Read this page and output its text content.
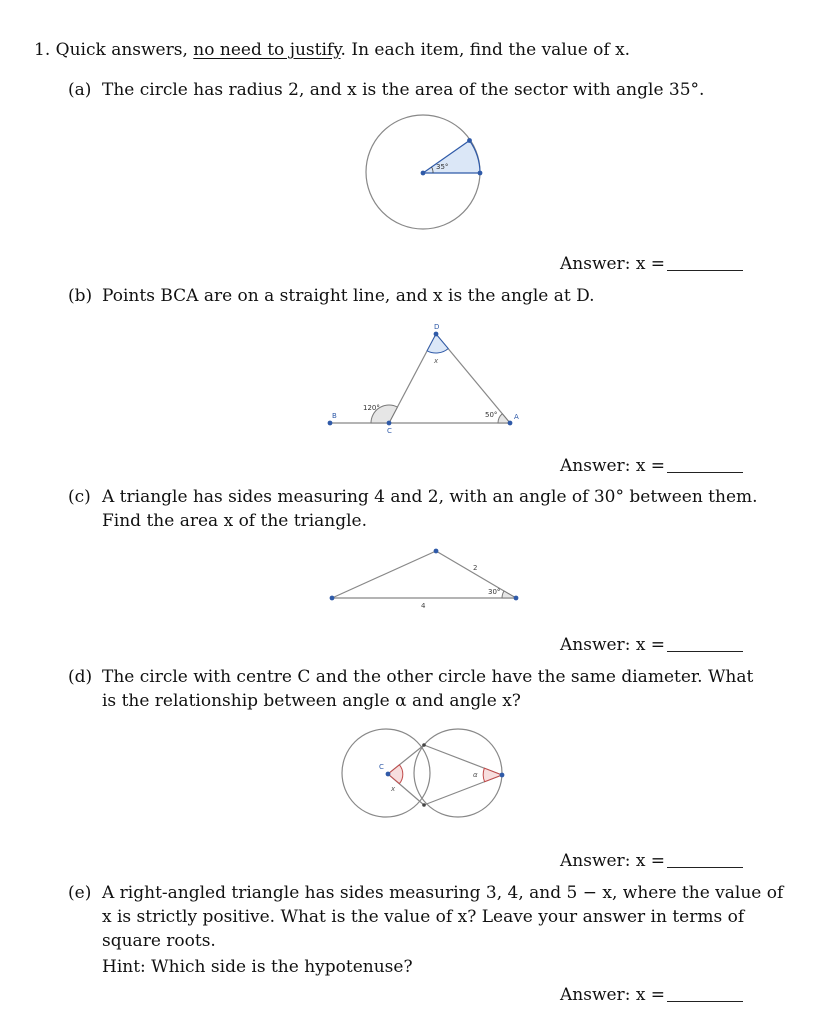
1. Quick answers, no need to justify. In each item, find the value of x.
(a) The circle has radius 2, and x is the area of the sector with angle 35°.
35°
Answer: x =
(b) Points BCA are on a straight line, and x is the angle at D.
D
x
120°
50°
B
C
A
Answer: x =
(c) A triangle has sides measuring 4 and 2, with an angle of 30° between them.
Find the area x of the triangle.
2
4
30°
Answer: x =
(d) The circle with centre C and the other circle have the same diameter. What
is the relationship between angle α and angle x?
C
x
α
Answer: x =
(e) A right-angled triangle has sides measuring 3, 4, and 5 − x, where the value of
x is strictly positive. What is the value of x? Leave your answer in terms of
square roots.
Hint: Which side is the hypotenuse?
Answer: x =
